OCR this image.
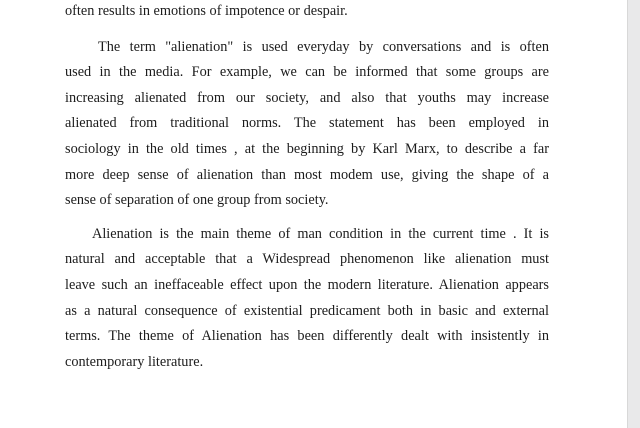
often results in emotions of impotence or despair.

The term "alienation" is used everyday by conversations and is often

used in the media. For example, we can be informed that some groups are

increasing alienated from our society, and also that youths may increase

alienated from traditional norms. The statement has been employed in

sociology in the old times , at the beginning by Karl Marx, to describe a far

more deep sense of alienation than most modem use, giving the shape of a

sense of separation of one group from society.

Alienation is the main theme of man condition in the current time . It is

natural and acceptable that a Widespread phenomenon like alienation must

leave such an ineffaceable effect upon the modern literature. Alienation appears

as a natural consequence of existential predicament both in basic and external

terms. The theme of Alienation has been differently dealt with insistently in

contemporary literature.
